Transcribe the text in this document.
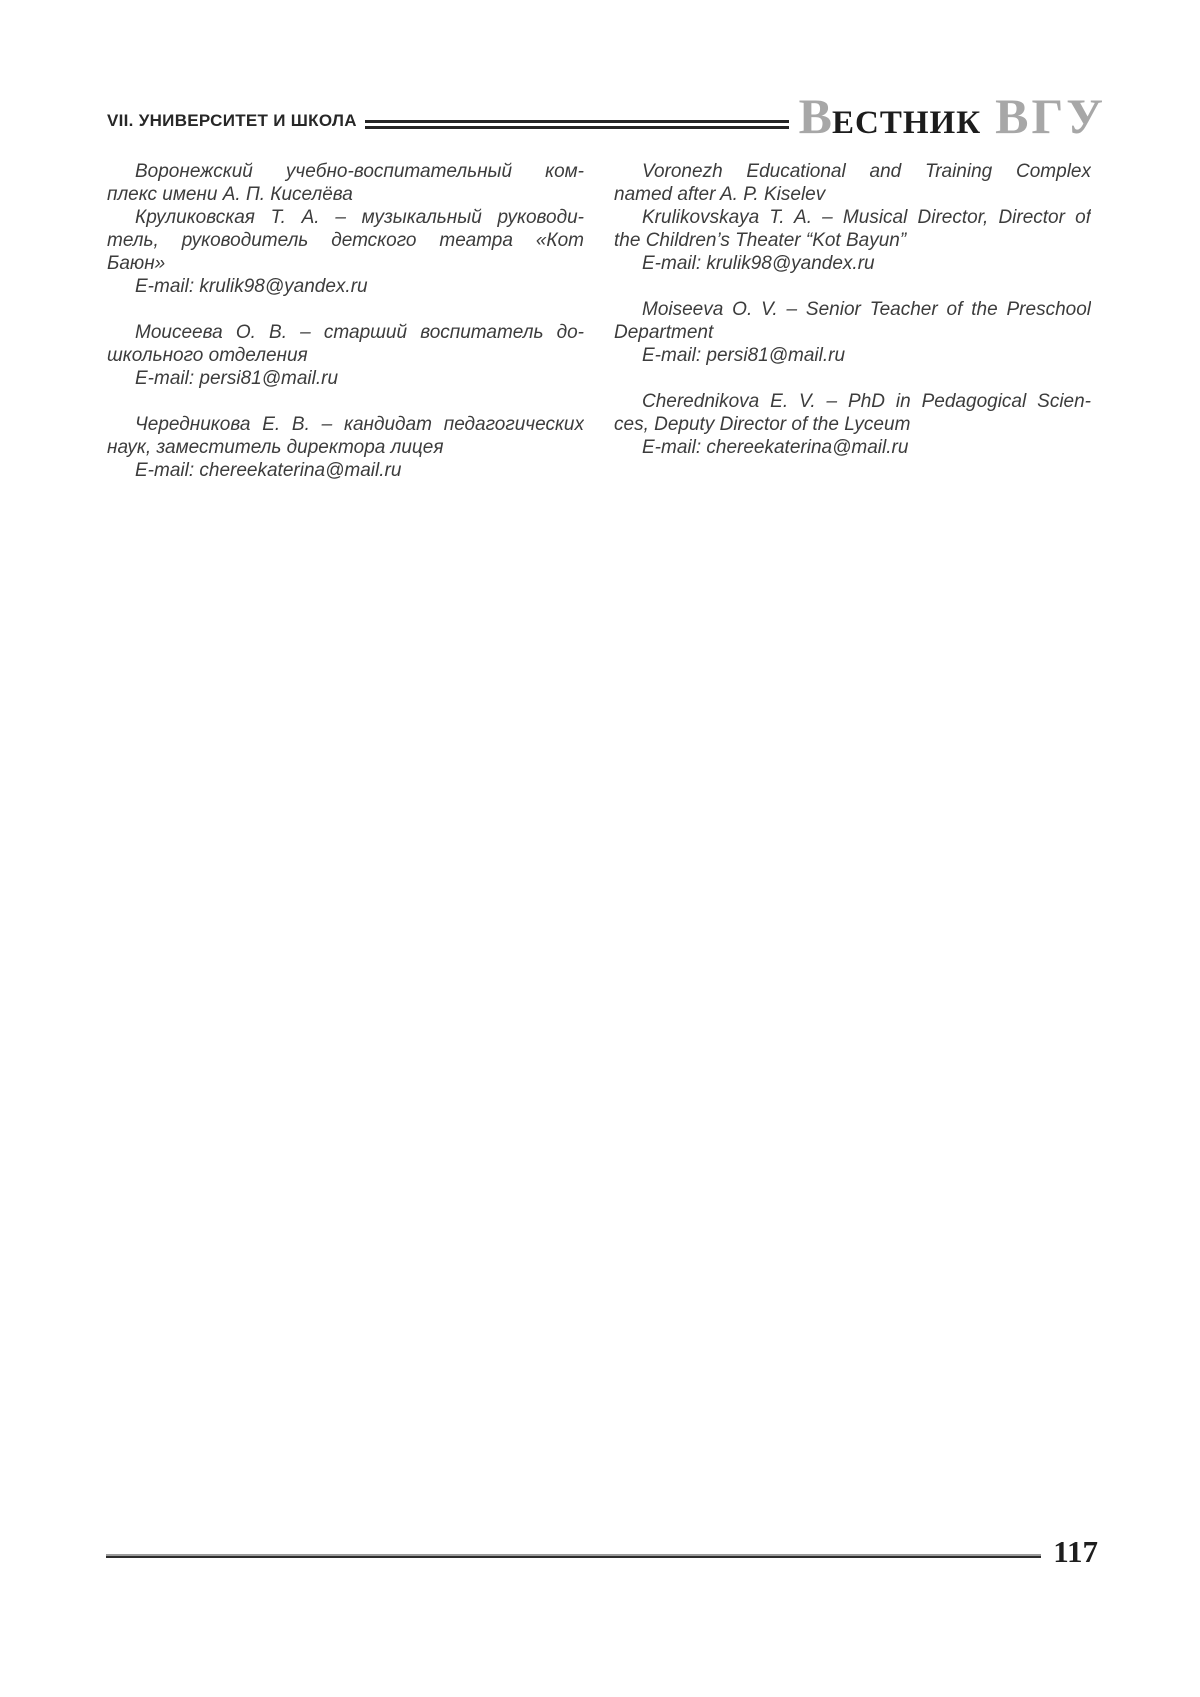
VII. УНИВЕРСИТЕТ И ШКОЛА	ВЕСТНИК ВГУ
Воронежский учебно-воспитательный ком-
плекс имени А. П. Киселёва
Круликовская Т. А. – музыкальный руководи-
тель, руководитель детского театра «Кот
Баюн»
E-mail: krulik98@yandex.ru
Моисеева О. В. – старший воспитатель до-
школьного отделения
E-mail: persi81@mail.ru
Чередникова Е. В. – кандидат педагогических
наук, заместитель директора лицея
E-mail: chereekaterina@mail.ru
Voronezh Educational and Training Complex
named after A. P. Kiselev
Krulikovskaya T. A. – Musical Director, Director of
the Children’s Theater “Kot Bayun”
E-mail: krulik98@yandex.ru
Moiseeva O. V. – Senior Teacher of the Preschool
Department
E-mail: persi81@mail.ru
Cherednikova E. V. – PhD in Pedagogical Scien-
ces, Deputy Director of the Lyceum
E-mail: chereekaterina@mail.ru
117
